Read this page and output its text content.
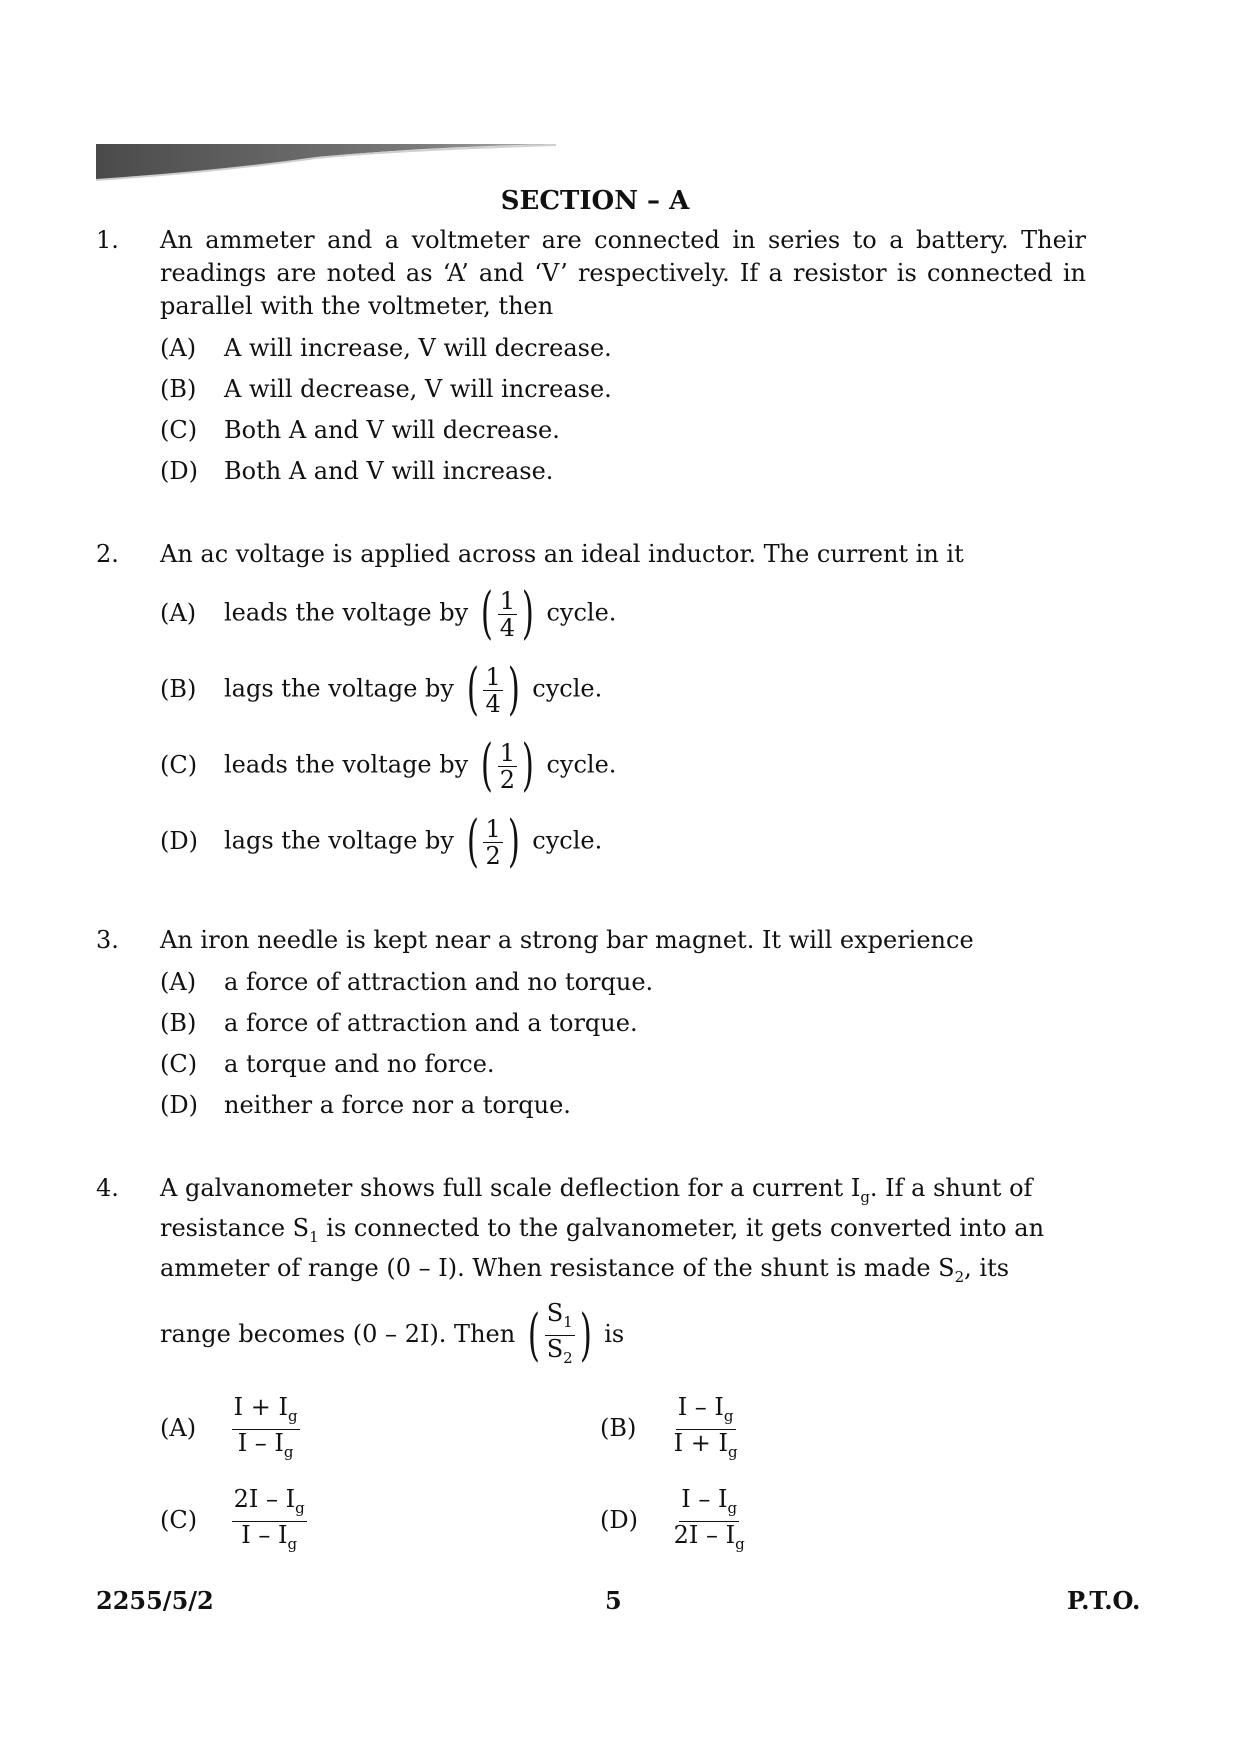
SECTION – A
1. An ammeter and a voltmeter are connected in series to a battery. Their readings are noted as ‘A’ and ‘V’ respectively. If a resistor is connected in parallel with the voltmeter, then
(A) A will increase, V will decrease.
(B) A will decrease, V will increase.
(C) Both A and V will decrease.
(D) Both A and V will increase.
2. An ac voltage is applied across an ideal inductor. The current in it
(A) leads the voltage by ( $\frac{1}{4}$ ) cycle.
(B) lags the voltage by ( $\frac{1}{4}$ ) cycle.
(C) leads the voltage by ( $\frac{1}{2}$ ) cycle.
(D) lags the voltage by ( $\frac{1}{2}$ ) cycle.
3. An iron needle is kept near a strong bar magnet. It will experience
(A) a force of attraction and no torque.
(B) a force of attraction and a torque.
(C) a torque and no force.
(D) neither a force nor a torque.
4. A galvanometer shows full scale deflection for a current $I_g$. If a shunt of
resistance $S_1$ is connected to the galvanometer, it gets converted into an
ammeter of range (0 – I). When resistance of the shunt is made $S_2$, its
range becomes (0 – 2I). Then ( $\frac{S_1}{S_2}$ ) is
$(A) \frac{I + I_g}{I - I_g}$	$(B) \frac{I - I_g}{I + I_g}$
$(C) \frac{2I - I_g}{I - I_g}$	$(D) \frac{I - I_g}{2I - I_g}$
2255/5/2	5	P.T.O.
